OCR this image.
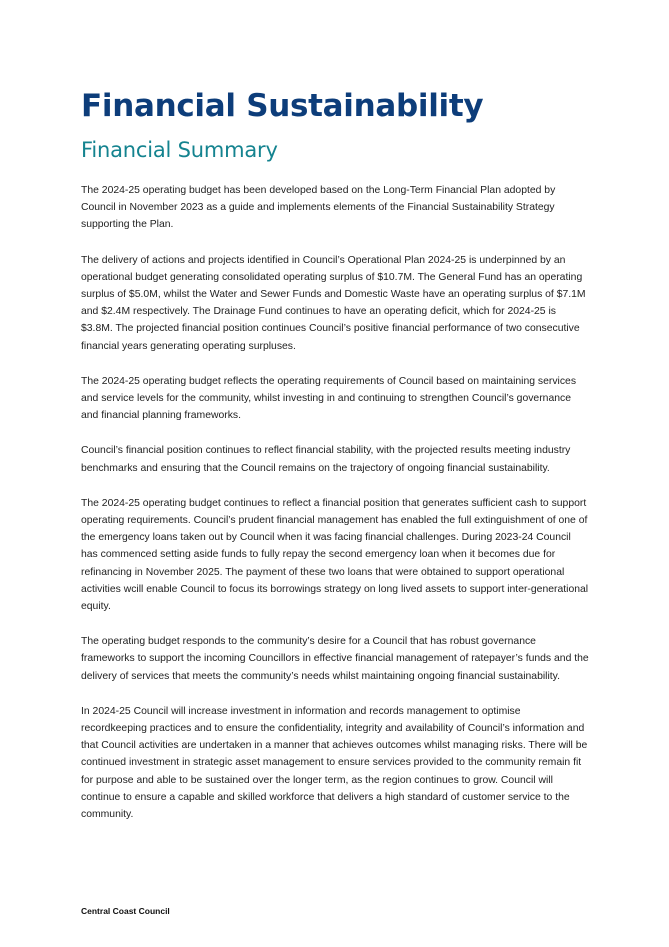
Financial Sustainability
Financial Summary

The 2024-25 operating budget has been developed based on the Long-Term Financial Plan adopted by Council in November 2023 as a guide and implements elements of the Financial Sustainability Strategy supporting the Plan.

The delivery of actions and projects identified in Council’s Operational Plan 2024-25 is underpinned by an operational budget generating consolidated operating surplus of $10.7M. The General Fund has an operating surplus of $5.0M, whilst the Water and Sewer Funds and Domestic Waste have an operating surplus of $7.1M and $2.4M respectively. The Drainage Fund continues to have an operating deficit, which for 2024-25 is $3.8M. The projected financial position continues Council’s positive financial performance of two consecutive financial years generating operating surpluses.

The 2024-25 operating budget reflects the operating requirements of Council based on maintaining services and service levels for the community, whilst investing in and continuing to strengthen Council’s governance and financial planning frameworks.

Council’s financial position continues to reflect financial stability, with the projected results meeting industry benchmarks and ensuring that the Council remains on the trajectory of ongoing financial sustainability.

The 2024-25 operating budget continues to reflect a financial position that generates sufficient cash to support operating requirements. Council’s prudent financial management has enabled the full extinguishment of one of the emergency loans taken out by Council when it was facing financial challenges. During 2023-24 Council has commenced setting aside funds to fully repay the second emergency loan when it becomes due for refinancing in November 2025. The payment of these two loans that were obtained to support operational activities wcill enable Council to focus its borrowings strategy on long lived assets to support inter-generational equity.

The operating budget responds to the community’s desire for a Council that has robust governance frameworks to support the incoming Councillors in effective financial management of ratepayer’s funds and the delivery of services that meets the community’s needs whilst maintaining ongoing financial sustainability.

In 2024-25 Council will increase investment in information and records management to optimise recordkeeping practices and to ensure the confidentiality, integrity and availability of Council’s information and that Council activities are undertaken in a manner that achieves outcomes whilst managing risks. There will be continued investment in strategic asset management to ensure services provided to the community remain fit for purpose and able to be sustained over the longer term, as the region continues to grow. Council will continue to ensure a capable and skilled workforce that delivers a high standard of customer service to the community.

Central Coast Council
